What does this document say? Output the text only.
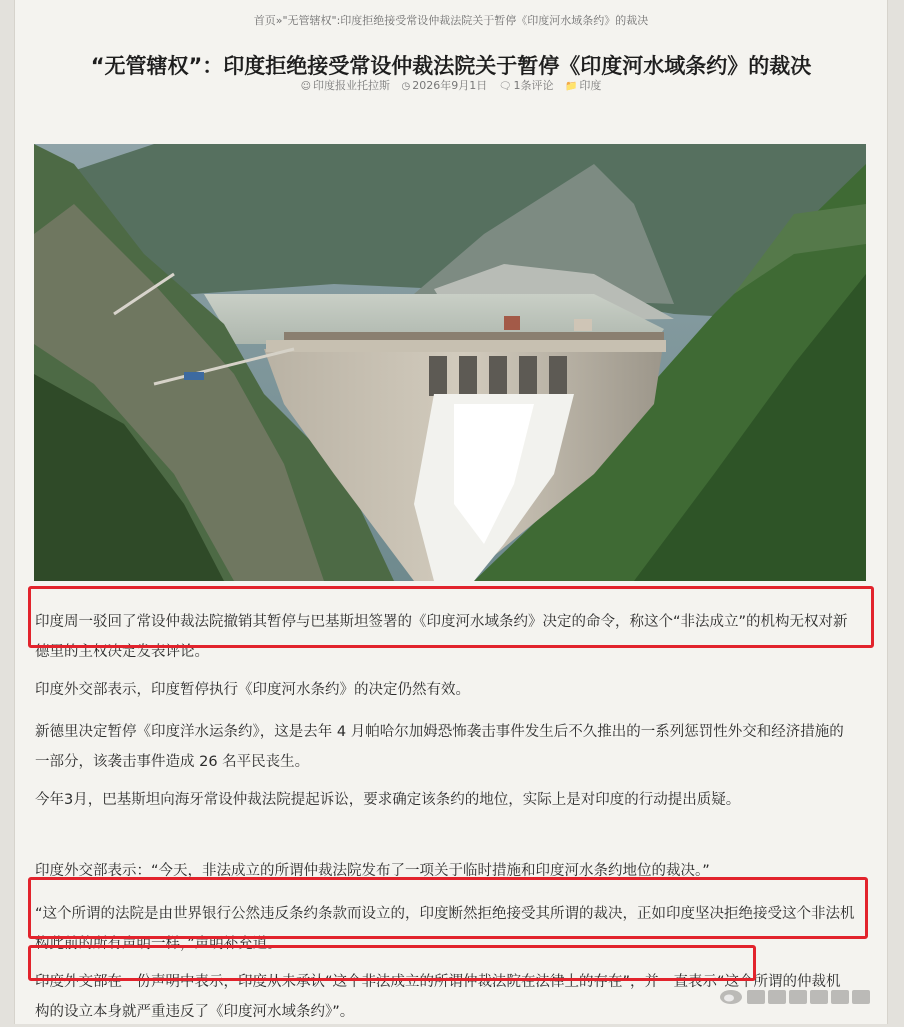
首页»"无管辖权":印度拒绝接受常设仲裁法院关于暂停《印度河水域条约》的裁决
“无管辖权”：印度拒绝接受常设仲裁法院关于暂停《印度河水域条约》的裁决
☺ 印度报业托拉斯 ◷ 2026年9月1日 🗨 1条评论 📁 印度

印度周一驳回了常设仲裁法院撤销其暂停与巴基斯坦签署的《印度河水域条约》决定的命令，称这个“非法成立”的机构无权对新德里的主权决定发表评论。

印度外交部表示，印度暂停执行《印度河水条约》的决定仍然有效。

新德里决定暂停《印度洋水运条约》，这是去年 4 月帕哈尔加姆恐怖袭击事件发生后不久推出的一系列惩罚性外交和经济措施的一部分，该袭击事件造成 26 名平民丧生。

今年3月，巴基斯坦向海牙常设仲裁法院提起诉讼，要求确定该条约的地位，实际上是对印度的行动提出质疑。

印度外交部表示：“今天，非法成立的所谓仲裁法院发布了一项关于临时措施和印度河水条约地位的裁决。”

“这个所谓的法院是由世界银行公然违反条约条款而设立的，印度断然拒绝接受其所谓的裁决，正如印度坚决拒绝接受这个非法机构此前的所有声明一样，”声明补充道。

印度外交部在一份声明中表示，印度从未承认“这个非法成立的所谓仲裁法院在法律上的存在”，并一直表示“这个所谓的仲裁机构的设立本身就严重违反了《印度河水域条约》”。
